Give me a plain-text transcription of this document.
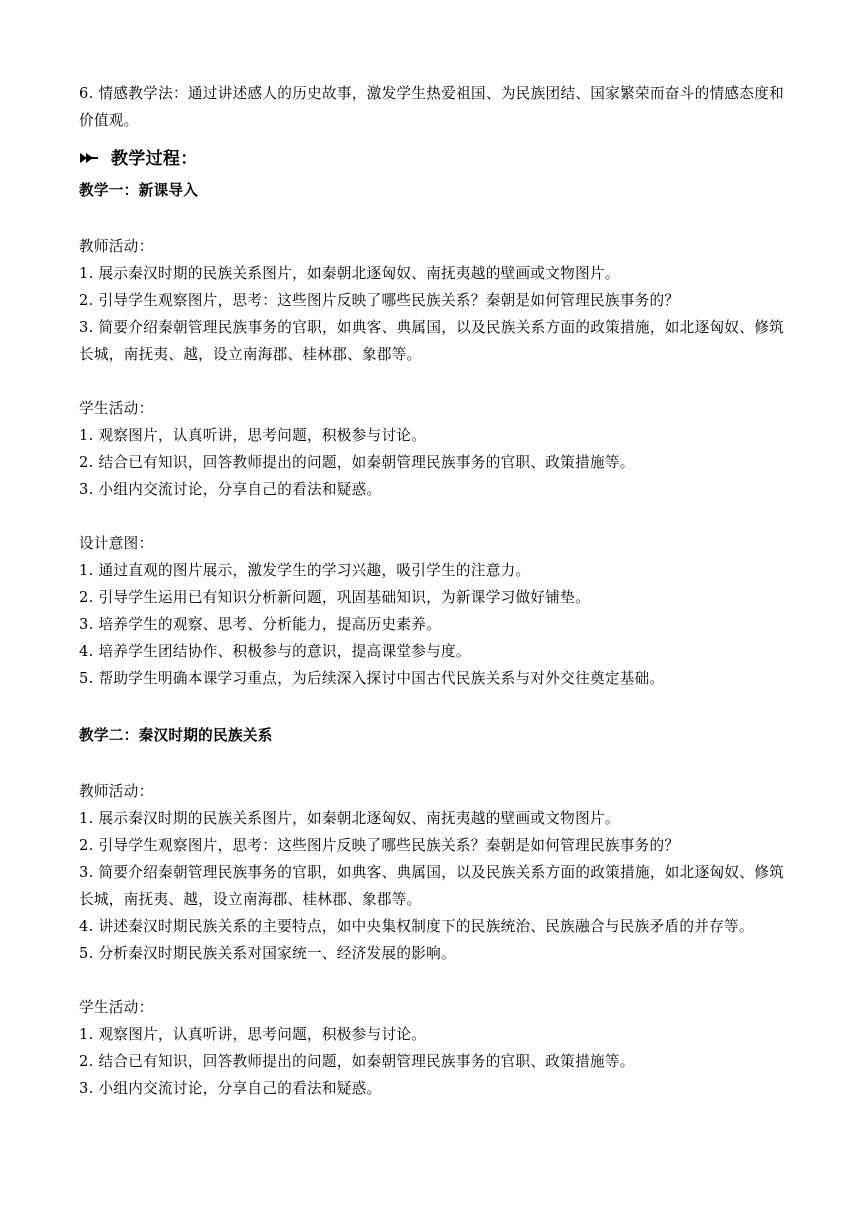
6. 情感教学法：通过讲述感人的历史故事，激发学生热爱祖国、为民族团结、国家繁荣而奋斗的情感态度和价值观。

教学过程：
教学一：新课导入

教师活动：

1. 展示秦汉时期的民族关系图片，如秦朝北逐匈奴、南抚夷越的壁画或文物图片。

2. 引导学生观察图片，思考：这些图片反映了哪些民族关系？秦朝是如何管理民族事务的？

3. 简要介绍秦朝管理民族事务的官职，如典客、典属国，以及民族关系方面的政策措施，如北逐匈奴、修筑长城，南抚夷、越，设立南海郡、桂林郡、象郡等。

学生活动：

1. 观察图片，认真听讲，思考问题，积极参与讨论。

2. 结合已有知识，回答教师提出的问题，如秦朝管理民族事务的官职、政策措施等。

3. 小组内交流讨论，分享自己的看法和疑惑。

设计意图：

1. 通过直观的图片展示，激发学生的学习兴趣，吸引学生的注意力。

2. 引导学生运用已有知识分析新问题，巩固基础知识，为新课学习做好铺垫。

3. 培养学生的观察、思考、分析能力，提高历史素养。

4. 培养学生团结协作、积极参与的意识，提高课堂参与度。

5. 帮助学生明确本课学习重点，为后续深入探讨中国古代民族关系与对外交往奠定基础。

教学二：秦汉时期的民族关系

教师活动：

1. 展示秦汉时期的民族关系图片，如秦朝北逐匈奴、南抚夷越的壁画或文物图片。

2. 引导学生观察图片，思考：这些图片反映了哪些民族关系？秦朝是如何管理民族事务的？

3. 简要介绍秦朝管理民族事务的官职，如典客、典属国，以及民族关系方面的政策措施，如北逐匈奴、修筑长城，南抚夷、越，设立南海郡、桂林郡、象郡等。

4. 讲述秦汉时期民族关系的主要特点，如中央集权制度下的民族统治、民族融合与民族矛盾的并存等。

5. 分析秦汉时期民族关系对国家统一、经济发展的影响。

学生活动：

1. 观察图片，认真听讲，思考问题，积极参与讨论。

2. 结合已有知识，回答教师提出的问题，如秦朝管理民族事务的官职、政策措施等。

3. 小组内交流讨论，分享自己的看法和疑惑。
